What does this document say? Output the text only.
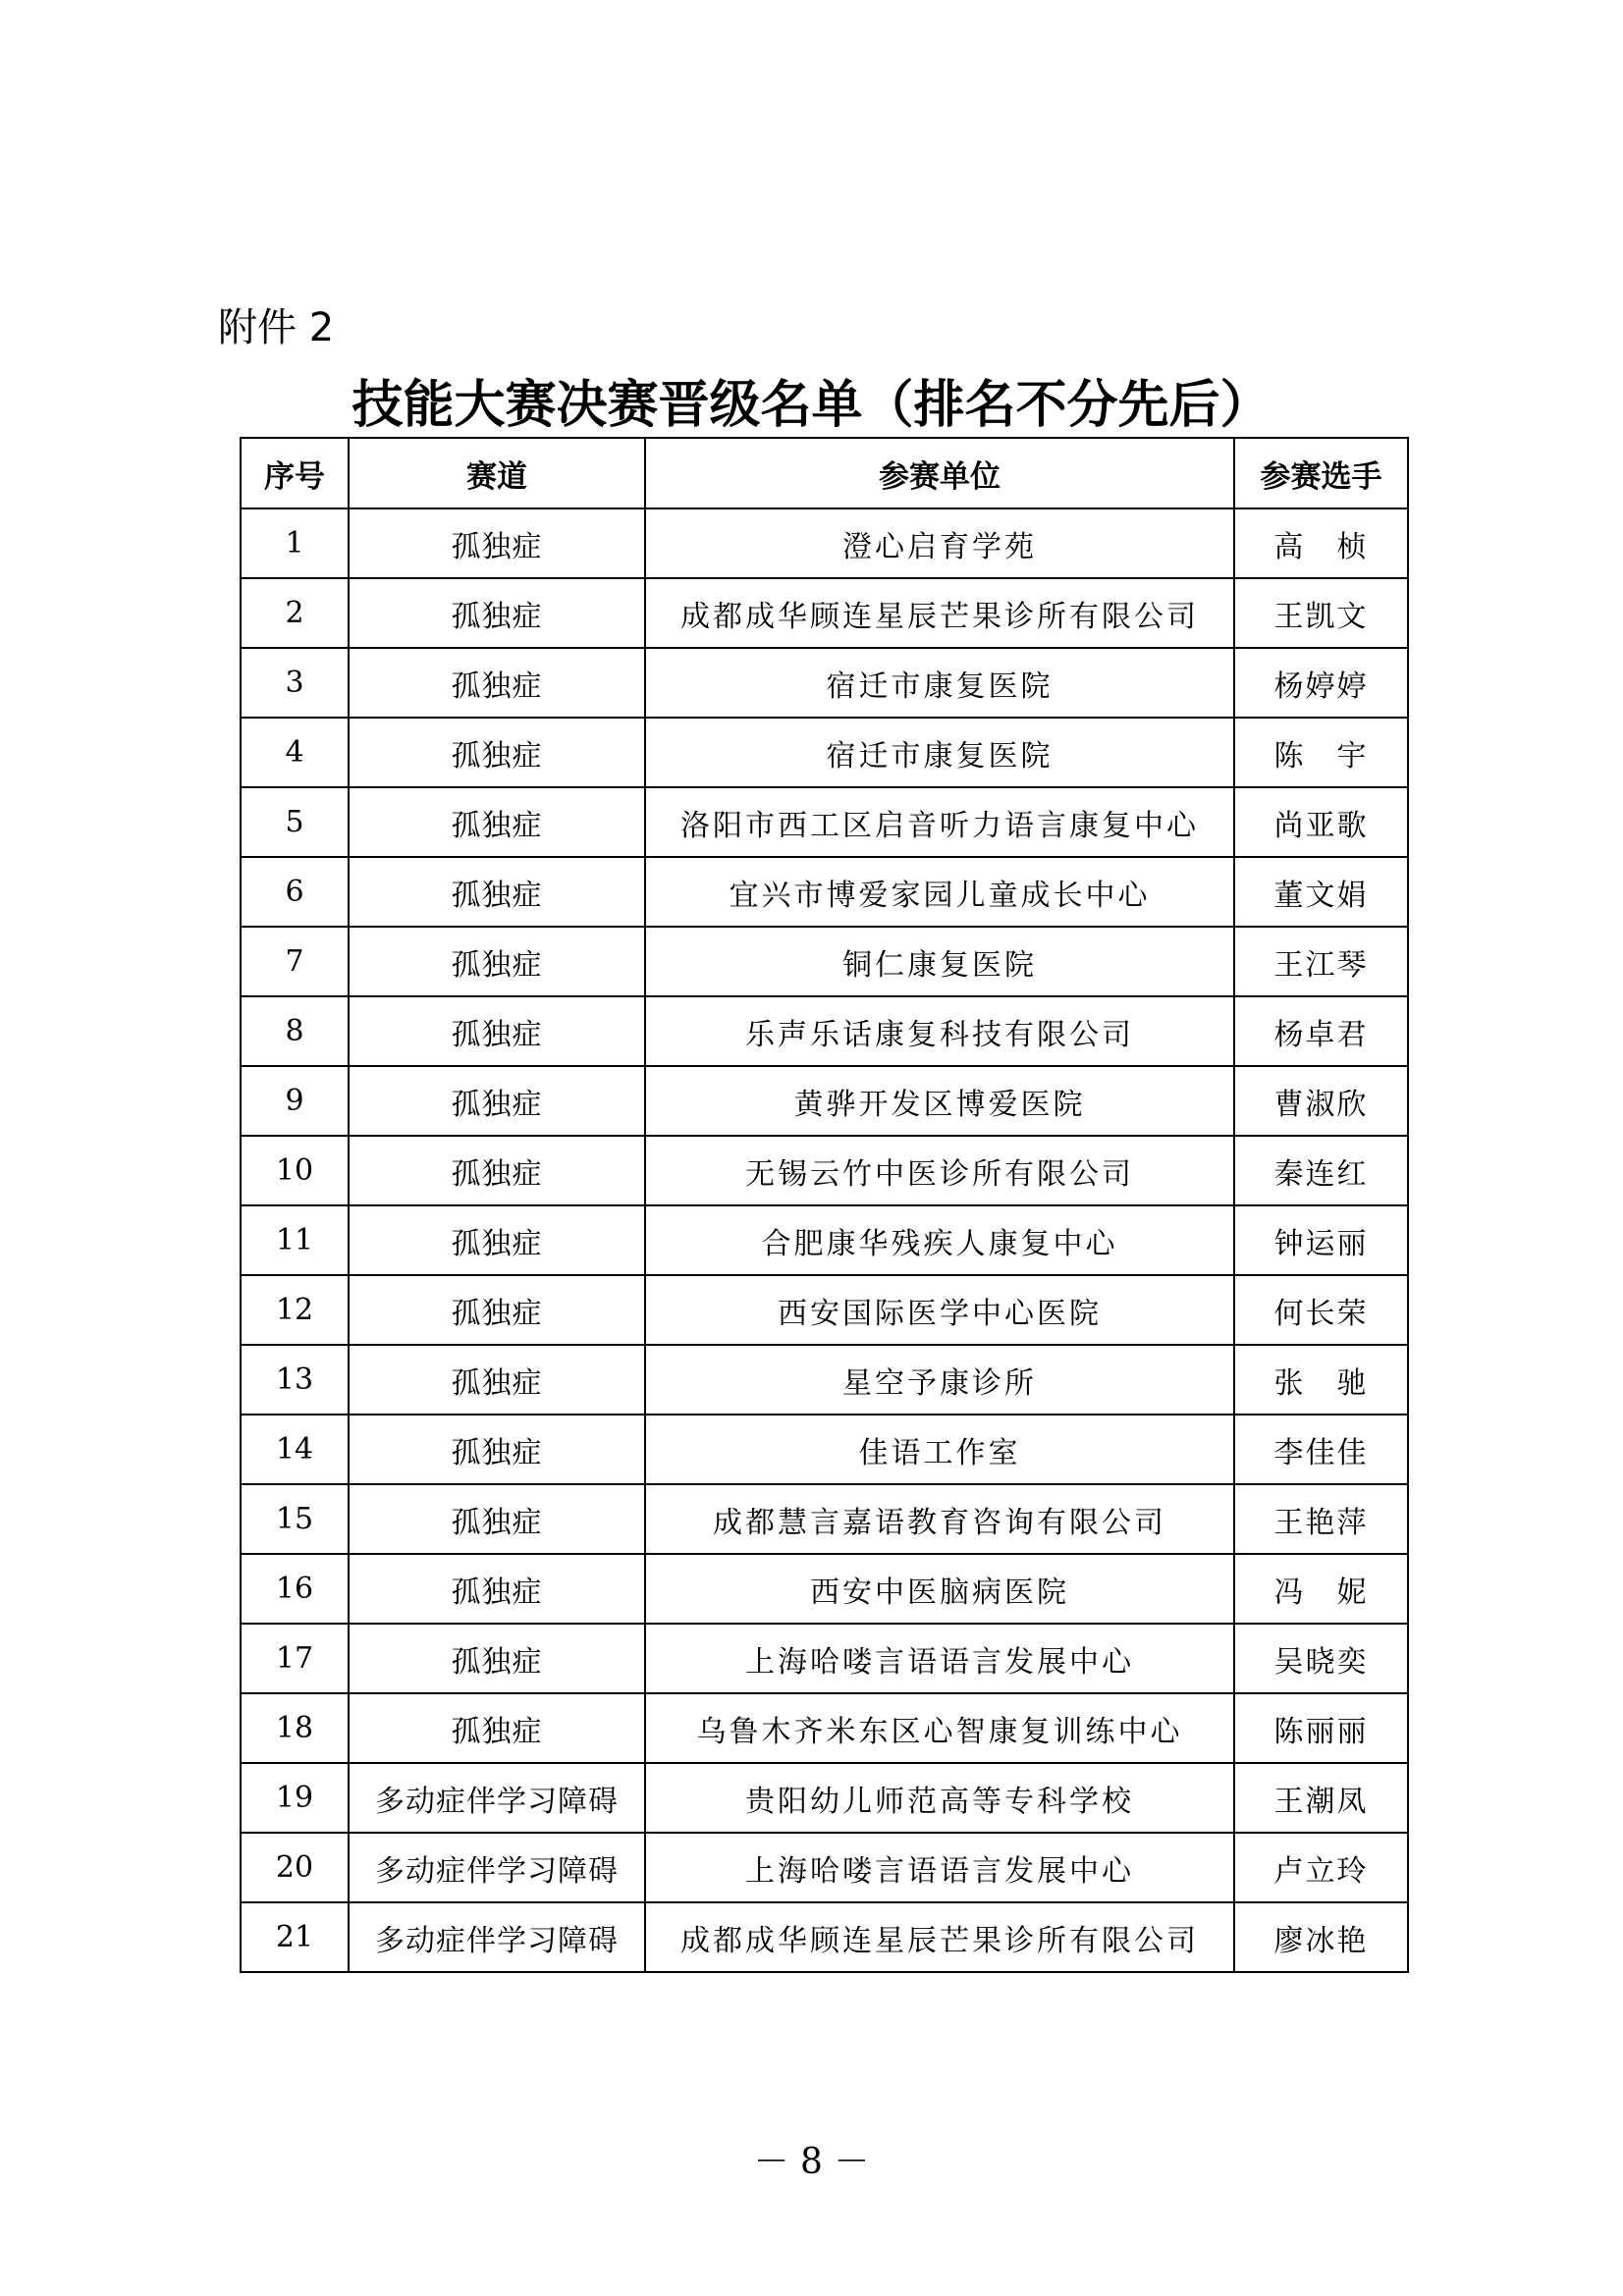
附件 2
技能大赛决赛晋级名单（排名不分先后）
序号	赛道	参赛单位	参赛选手
1	孤独症	澄心启育学苑	高　桢
2	孤独症	成都成华顾连星辰芒果诊所有限公司	王凯文
3	孤独症	宿迁市康复医院	杨婷婷
4	孤独症	宿迁市康复医院	陈　宇
5	孤独症	洛阳市西工区启音听力语言康复中心	尚亚歌
6	孤独症	宜兴市博爱家园儿童成长中心	董文娟
7	孤独症	铜仁康复医院	王江琴
8	孤独症	乐声乐话康复科技有限公司	杨卓君
9	孤独症	黄骅开发区博爱医院	曹淑欣
10	孤独症	无锡云竹中医诊所有限公司	秦连红
11	孤独症	合肥康华残疾人康复中心	钟运丽
12	孤独症	西安国际医学中心医院	何长荣
13	孤独症	星空予康诊所	张　驰
14	孤独症	佳语工作室	李佳佳
15	孤独症	成都慧言嘉语教育咨询有限公司	王艳萍
16	孤独症	西安中医脑病医院	冯　妮
17	孤独症	上海哈喽言语语言发展中心	吴晓奕
18	孤独症	乌鲁木齐米东区心智康复训练中心	陈丽丽
19	多动症伴学习障碍	贵阳幼儿师范高等专科学校	王潮凤
20	多动症伴学习障碍	上海哈喽言语语言发展中心	卢立玲
21	多动症伴学习障碍	成都成华顾连星辰芒果诊所有限公司	廖冰艳
－ 8 －
